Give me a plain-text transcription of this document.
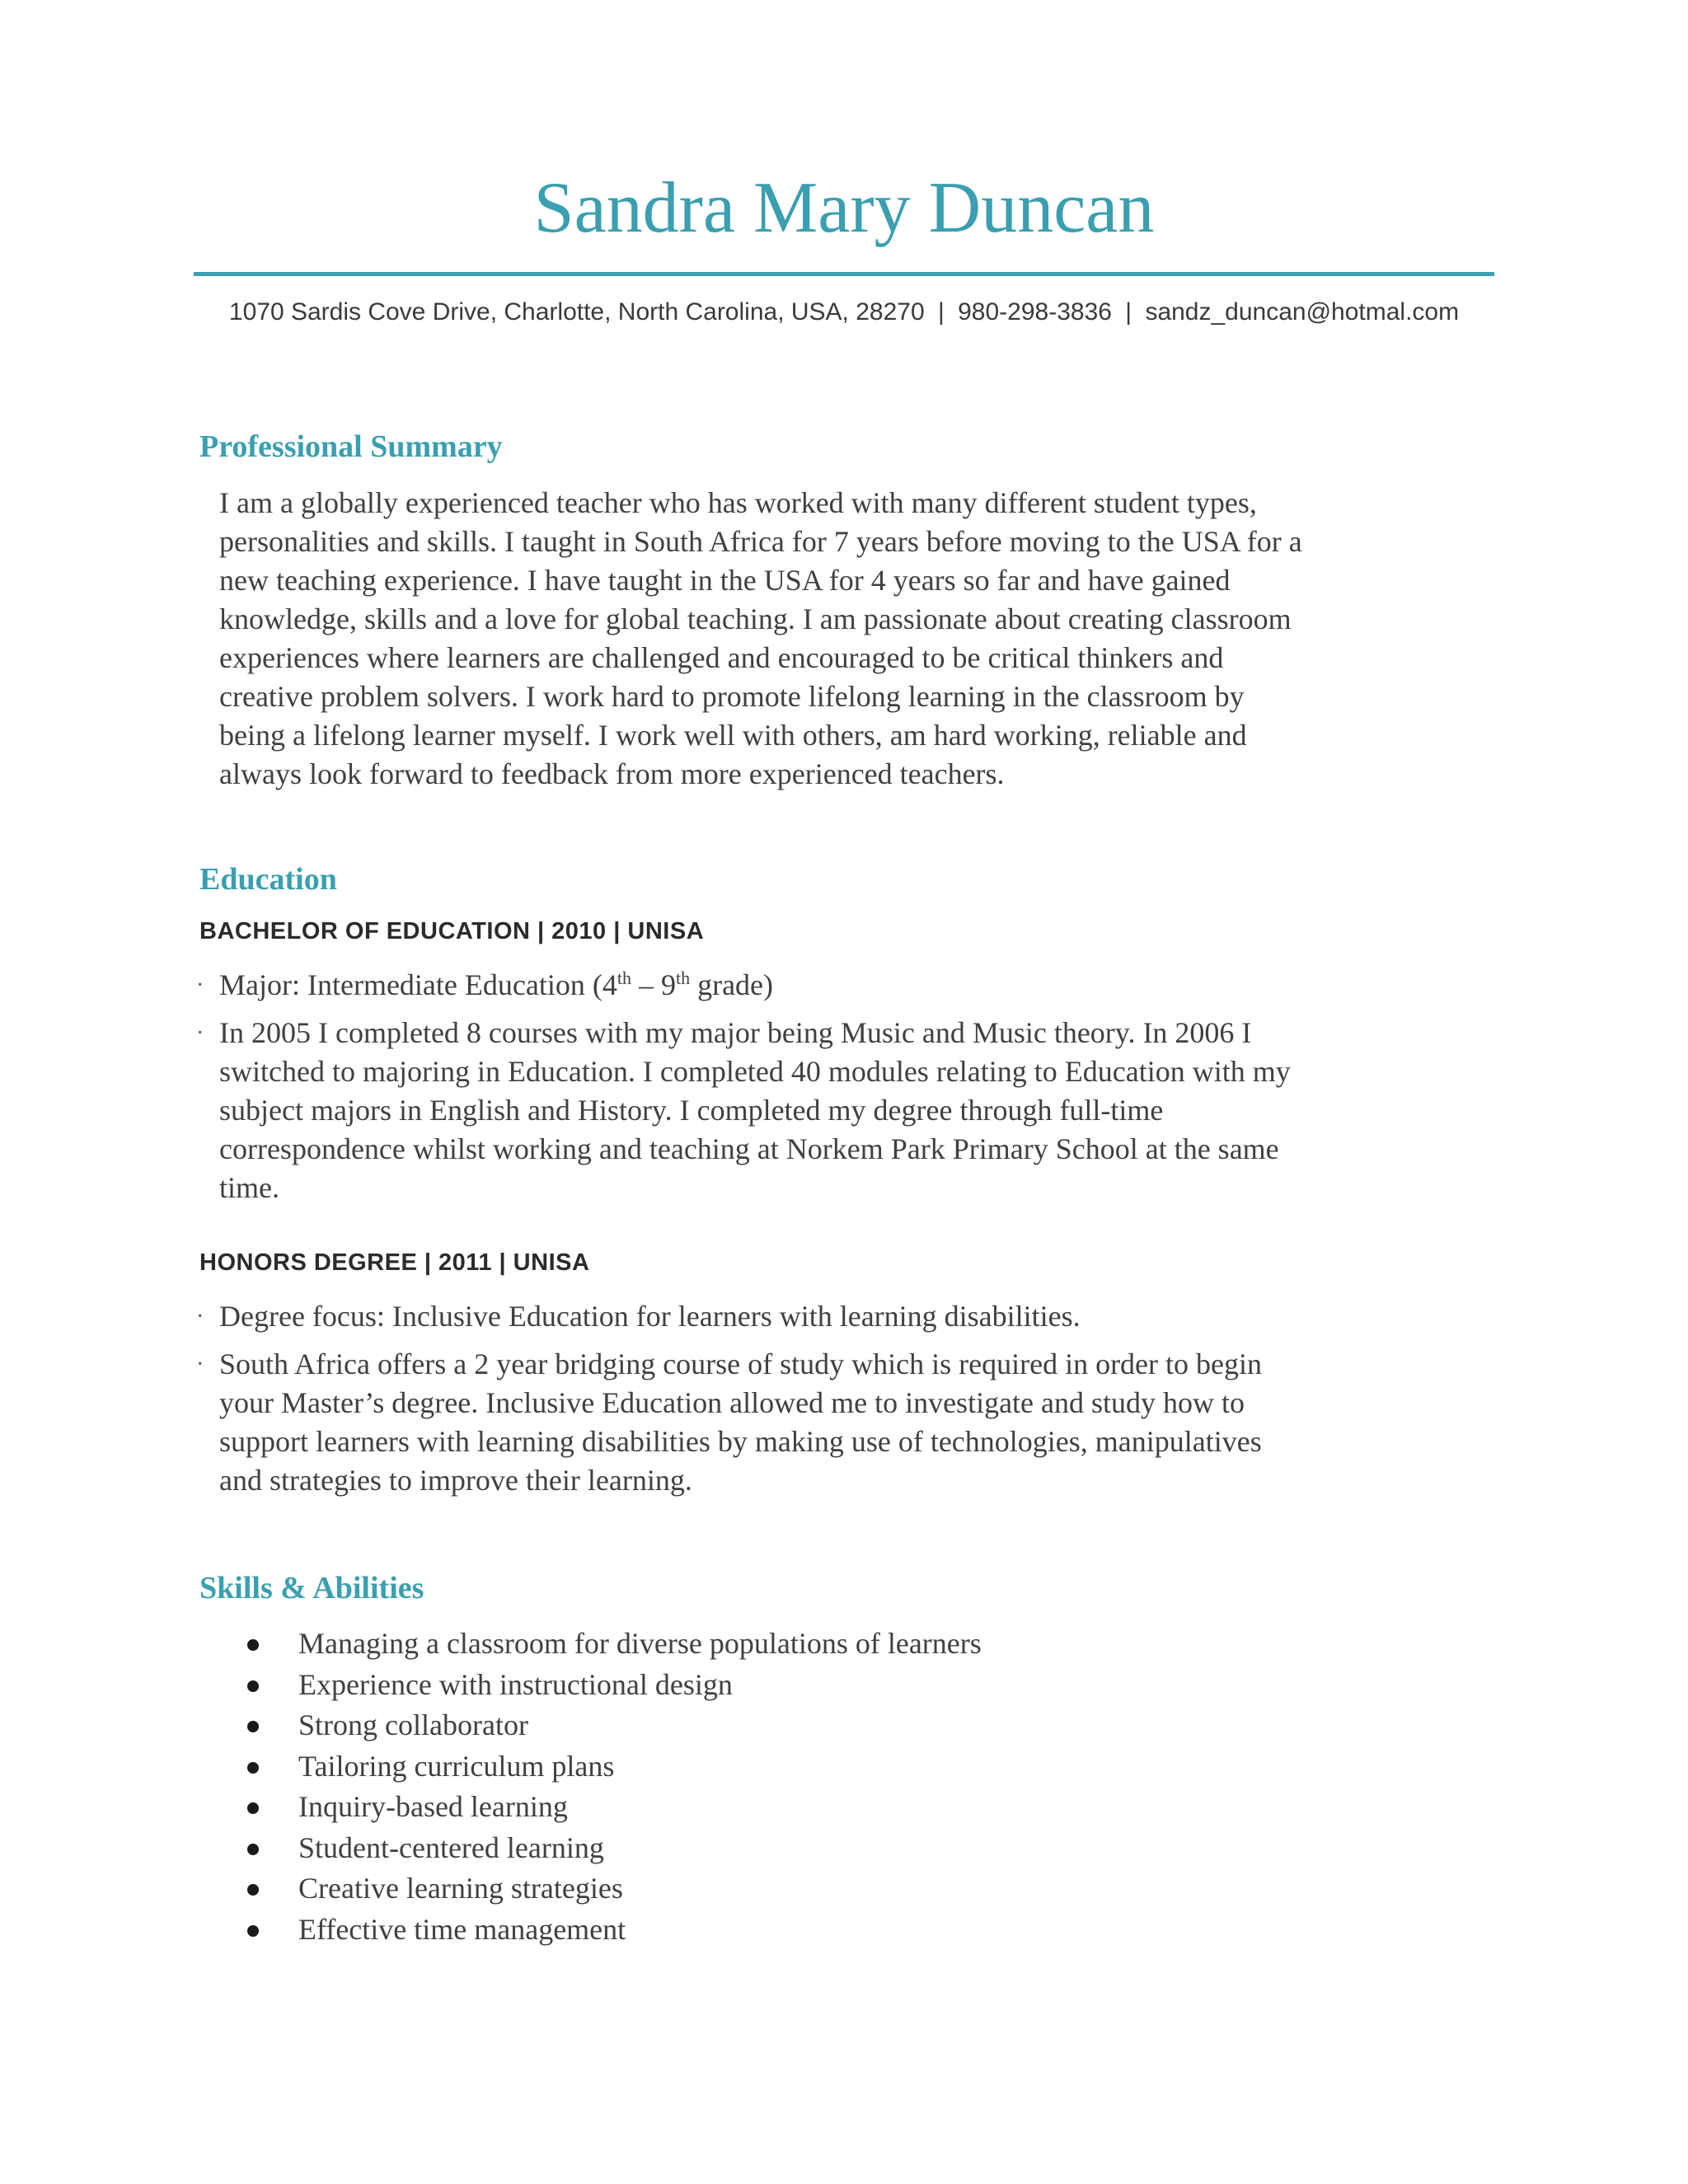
Sandra Mary Duncan
1070 Sardis Cove Drive, Charlotte, North Carolina, USA, 28270 | 980-298-3836 | sandz_duncan@hotmal.com
Professional Summary
I am a globally experienced teacher who has worked with many different student types,
personalities and skills. I taught in South Africa for 7 years before moving to the USA for a
new teaching experience. I have taught in the USA for 4 years so far and have gained
knowledge, skills and a love for global teaching. I am passionate about creating classroom
experiences where learners are challenged and encouraged to be critical thinkers and
creative problem solvers. I work hard to promote lifelong learning in the classroom by
being a lifelong learner myself. I work well with others, am hard working, reliable and
always look forward to feedback from more experienced teachers.
Education
BACHELOR OF EDUCATION | 2010 | UNISA
· Major: Intermediate Education (4th – 9th grade)
· In 2005 I completed 8 courses with my major being Music and Music theory. In 2006 I
switched to majoring in Education. I completed 40 modules relating to Education with my
subject majors in English and History. I completed my degree through full-time
correspondence whilst working and teaching at Norkem Park Primary School at the same
time.
HONORS DEGREE | 2011 | UNISA
· Degree focus: Inclusive Education for learners with learning disabilities.
· South Africa offers a 2 year bridging course of study which is required in order to begin
your Master’s degree. Inclusive Education allowed me to investigate and study how to
support learners with learning disabilities by making use of technologies, manipulatives
and strategies to improve their learning.
Skills & Abilities
Managing a classroom for diverse populations of learners
Experience with instructional design
Strong collaborator
Tailoring curriculum plans
Inquiry-based learning
Student-centered learning
Creative learning strategies
Effective time management
